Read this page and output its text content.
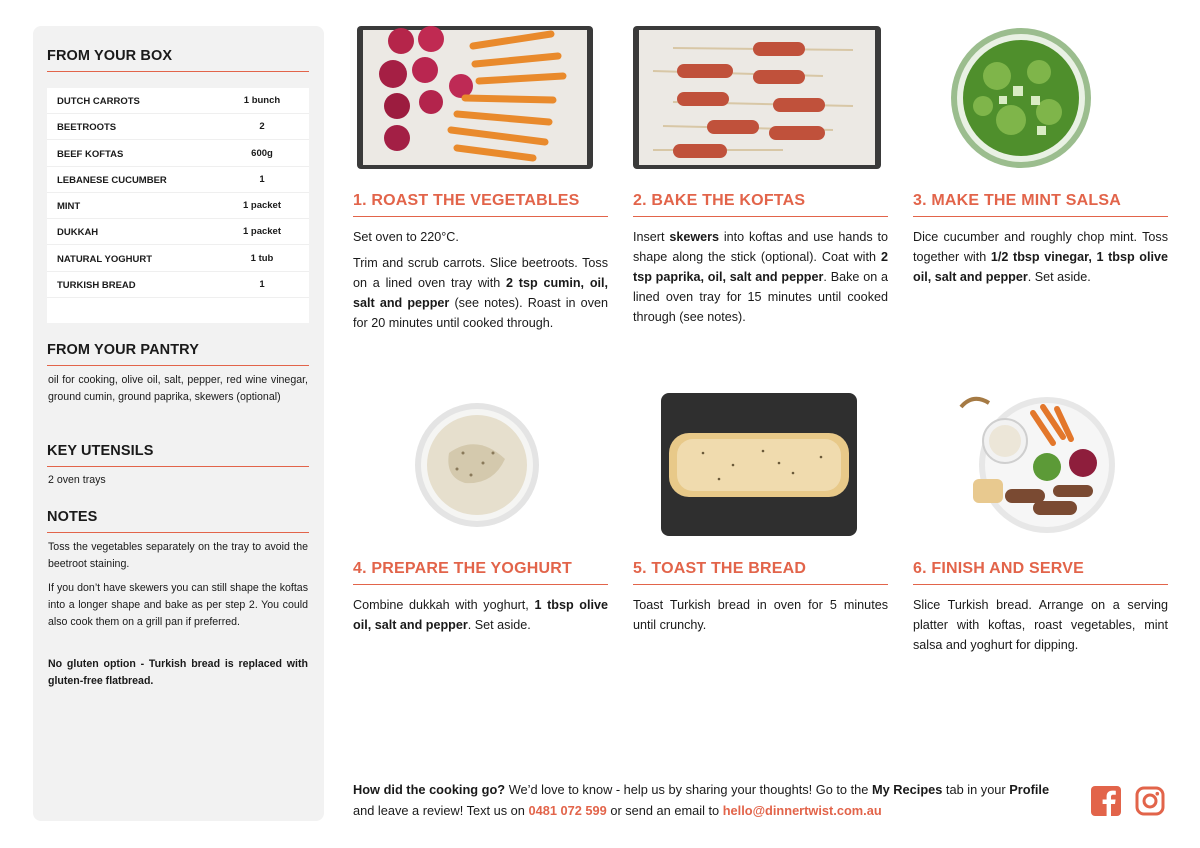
FROM YOUR BOX
DUTCH CARROTS	1 bunch
BEETROOTS	2
BEEF KOFTAS	600g
LEBANESE CUCUMBER	1
MINT	1 packet
DUKKAH	1 packet
NATURAL YOGHURT	1 tub
TURKISH BREAD	1
FROM YOUR PANTRY
oil for cooking, olive oil, salt, pepper, red wine vinegar, ground cumin, ground paprika, skewers (optional)
KEY UTENSILS
2 oven trays
NOTES
Toss the vegetables separately on the tray to avoid the beetroot staining.
If you don’t have skewers you can still shape the koftas into a longer shape and bake as per step 2. You could also cook them on a grill pan if preferred.
No gluten option - Turkish bread is replaced with gluten-free flatbread.
1. ROAST THE VEGETABLES

Set oven to 220°C.

Trim and scrub carrots. Slice beetroots. Toss on a lined oven tray with 2 tsp cumin, oil, salt and pepper (see notes). Roast in oven for 20 minutes until cooked through.

2. BAKE THE KOFTAS

Insert skewers into koftas and use hands to shape along the stick (optional). Coat with 2 tsp paprika, oil, salt and pepper. Bake on a lined oven tray for 15 minutes until cooked through (see notes).

3. MAKE THE MINT SALSA

Dice cucumber and roughly chop mint. Toss together with 1/2 tbsp vinegar, 1 tbsp olive oil, salt and pepper. Set aside.

4. PREPARE THE YOGHURT

Combine dukkah with yoghurt, 1 tbsp olive oil, salt and pepper. Set aside.

5. TOAST THE BREAD

Toast Turkish bread in oven for 5 minutes until crunchy.

6. FINISH AND SERVE

Slice Turkish bread. Arrange on a serving platter with koftas, roast vegetables, mint salsa and yoghurt for dipping.

How did the cooking go? We’d love to know - help us by sharing your thoughts! Go to the My Recipes tab in your Profile and leave a review! Text us on 0481 072 599 or send an email to hello@dinnertwist.com.au
